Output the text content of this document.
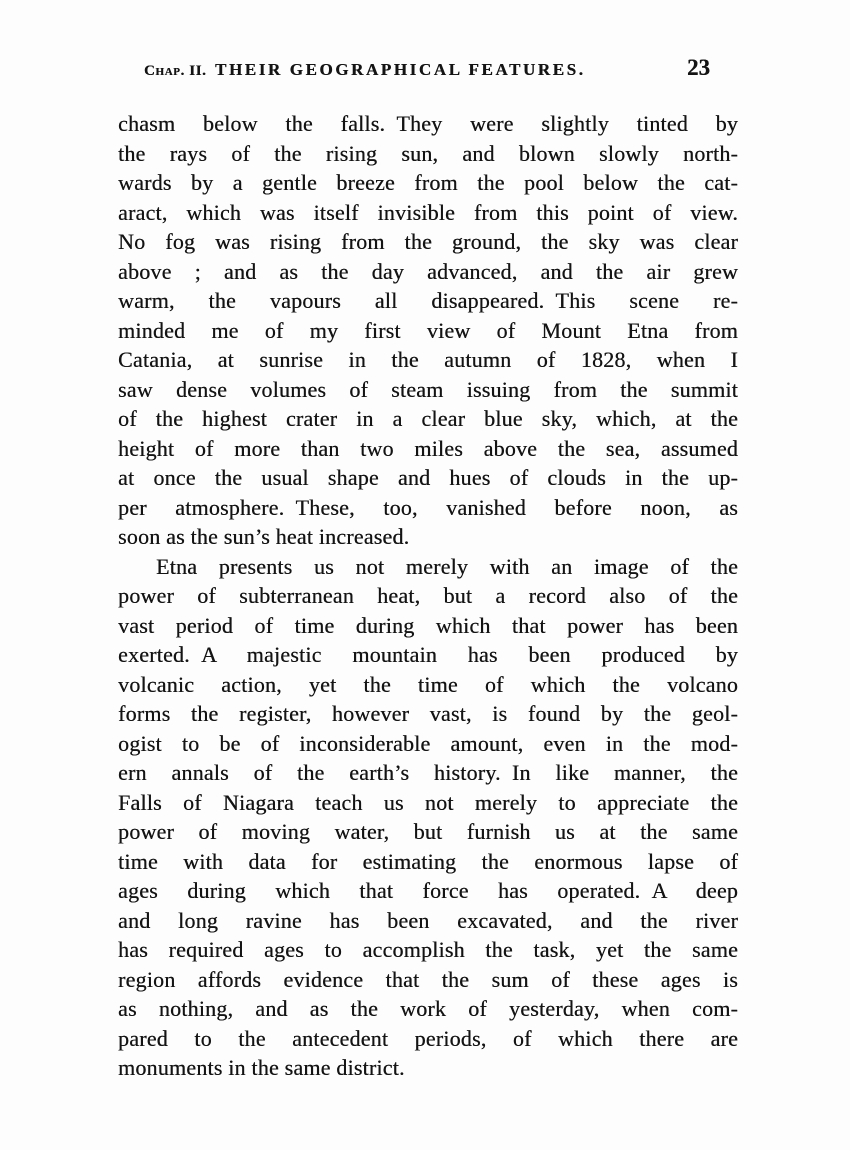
Chap. II. THEIR GEOGRAPHICAL FEATURES.	23
chasm below the falls. They were slightly tinted by
the rays of the rising sun, and blown slowly north-
wards by a gentle breeze from the pool below the cat-
aract, which was itself invisible from this point of view.
No fog was rising from the ground, the sky was clear
above ; and as the day advanced, and the air grew
warm, the vapours all disappeared. This scene re-
minded me of my first view of Mount Etna from
Catania, at sunrise in the autumn of 1828, when I
saw dense volumes of steam issuing from the summit
of the highest crater in a clear blue sky, which, at the
height of more than two miles above the sea, assumed
at once the usual shape and hues of clouds in the up-
per atmosphere. These, too, vanished before noon, as
soon as the sun’s heat increased.
Etna presents us not merely with an image of the
power of subterranean heat, but a record also of the
vast period of time during which that power has been
exerted. A majestic mountain has been produced by
volcanic action, yet the time of which the volcano
forms the register, however vast, is found by the geol-
ogist to be of inconsiderable amount, even in the mod-
ern annals of the earth’s history. In like manner, the
Falls of Niagara teach us not merely to appreciate the
power of moving water, but furnish us at the same
time with data for estimating the enormous lapse of
ages during which that force has operated. A deep
and long ravine has been excavated, and the river
has required ages to accomplish the task, yet the same
region affords evidence that the sum of these ages is
as nothing, and as the work of yesterday, when com-
pared to the antecedent periods, of which there are
monuments in the same district.
